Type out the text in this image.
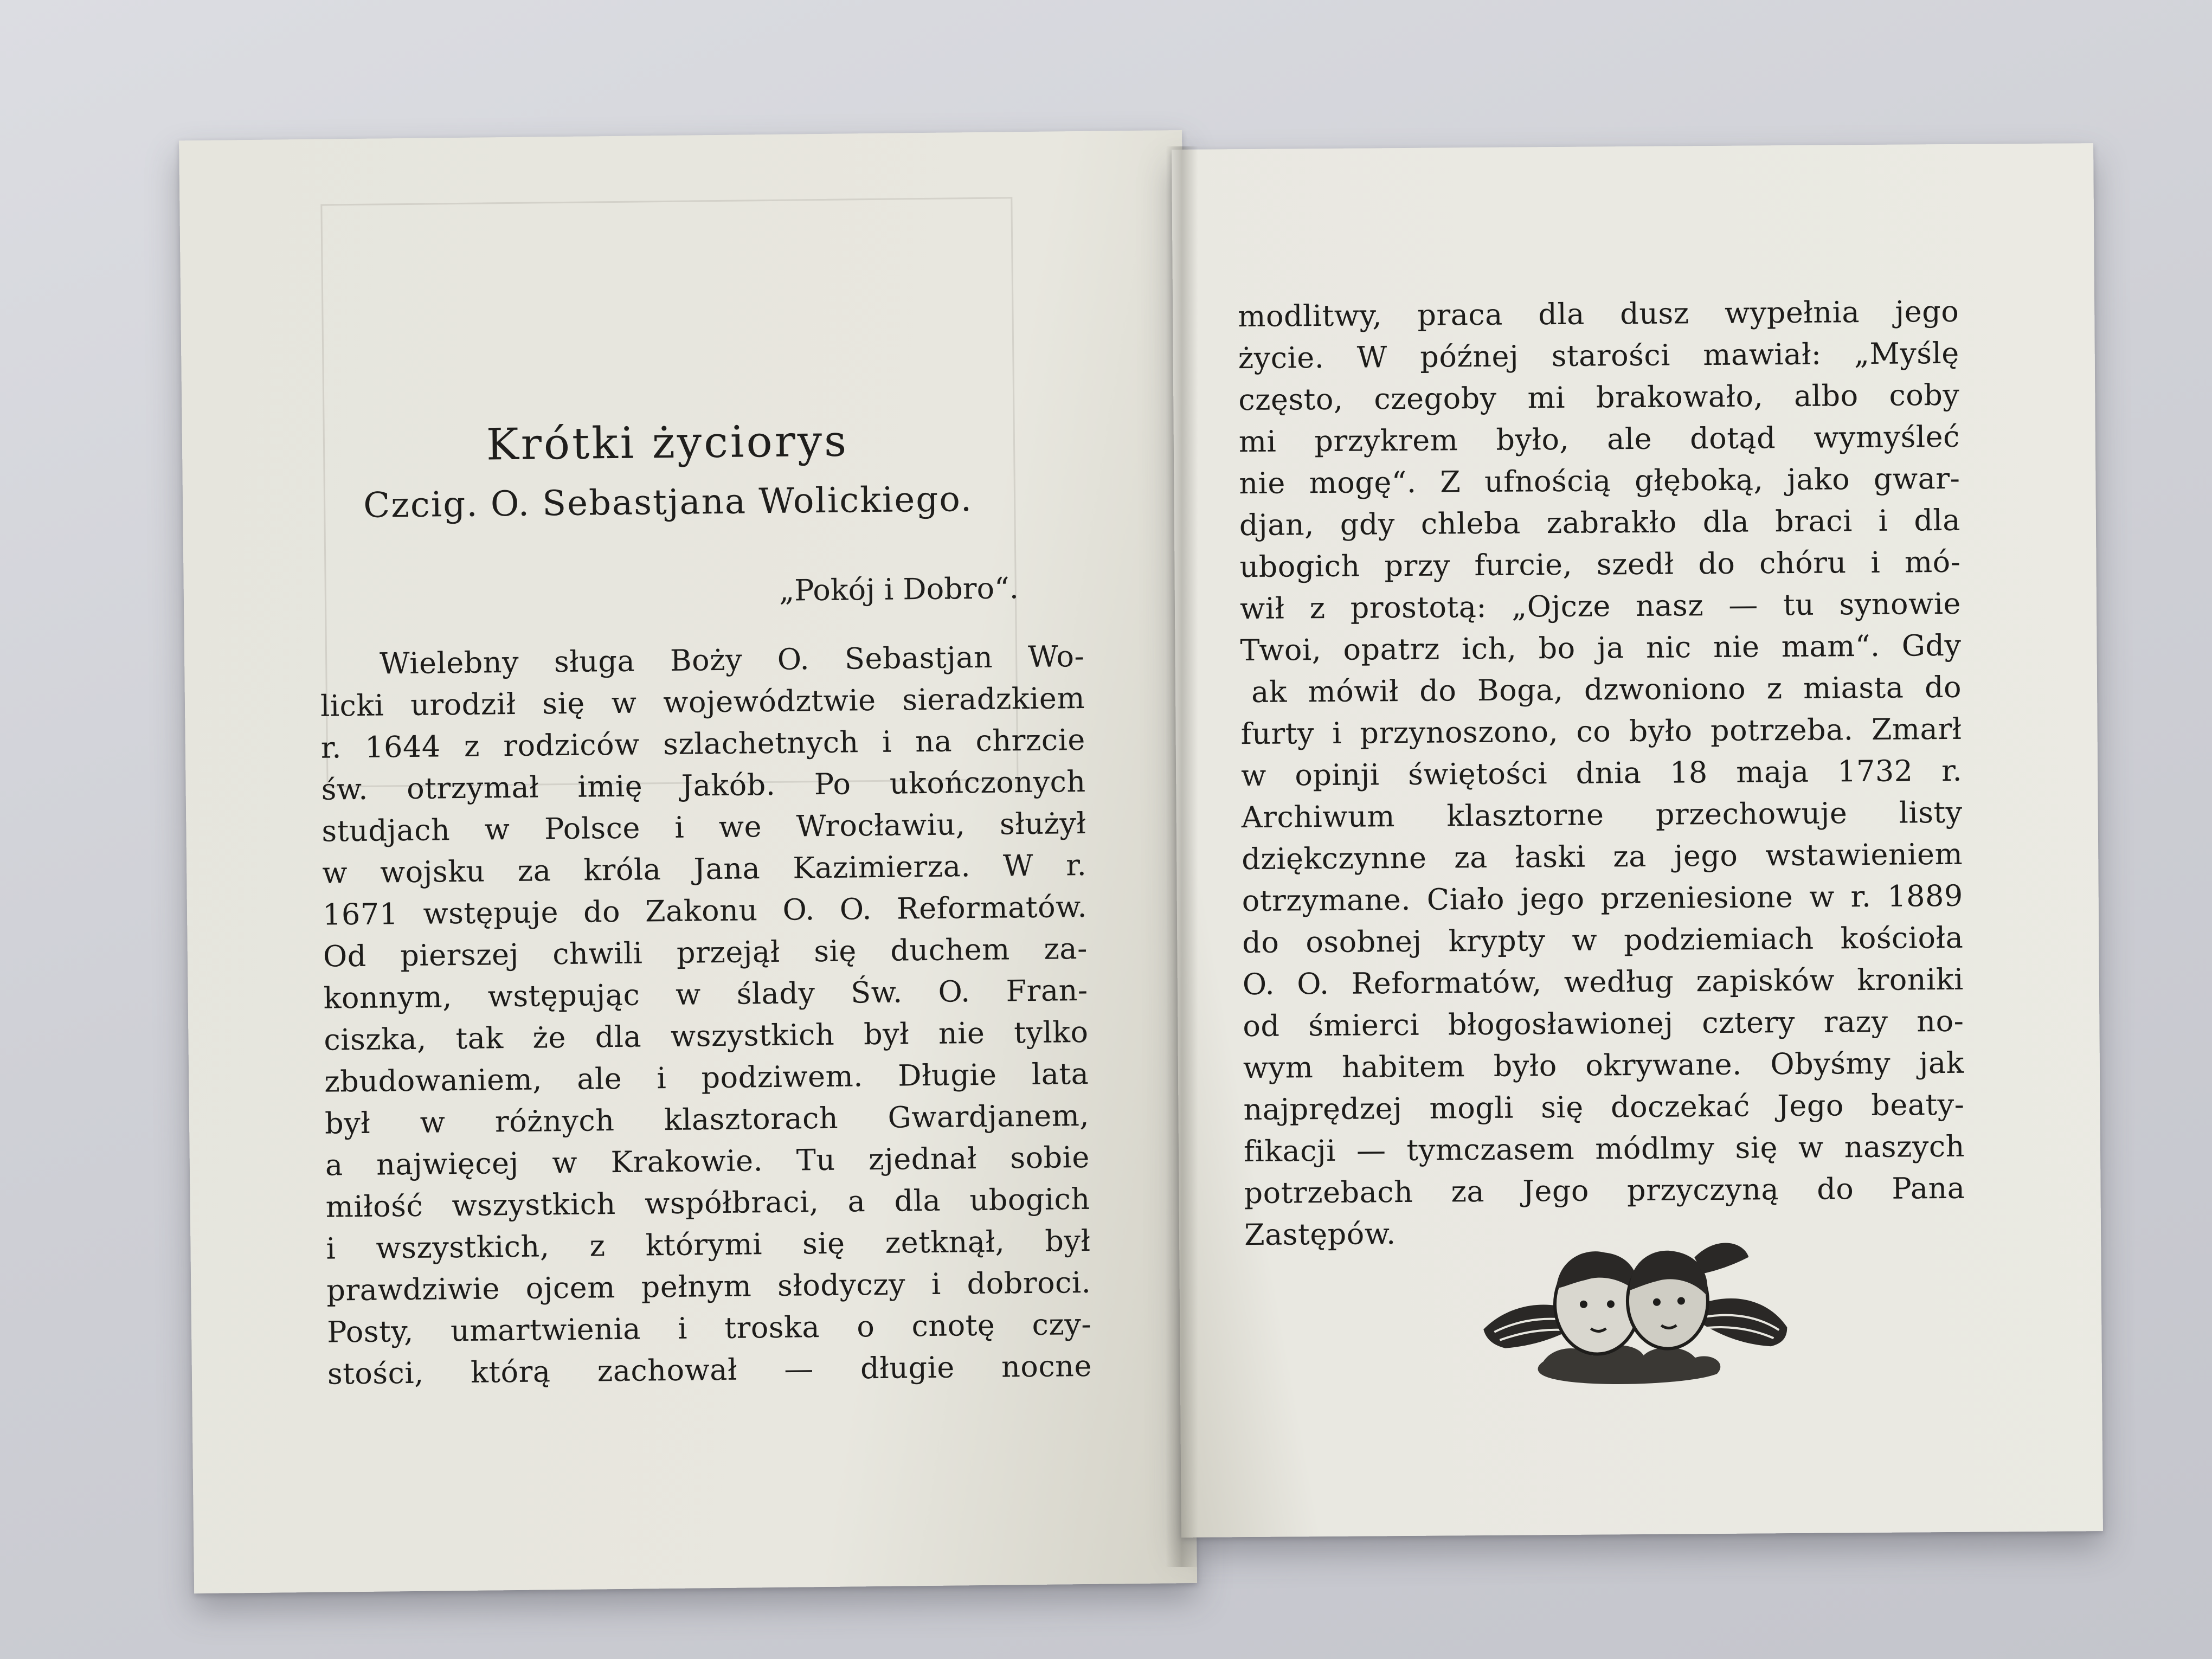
Krótki życiorys
Czcig. O. Sebastjana Wolickiego.
„Pokój i Dobro“.
Wielebny sługa Boży O. Sebastjan Wo-
licki urodził się w województwie sieradzkiem
r. 1644 z rodziców szlachetnych i na chrzcie
św. otrzymał imię Jakób. Po ukończonych
studjach w Polsce i we Wrocławiu, służył
w wojsku za króla Jana Kazimierza. W r.
1671 wstępuje do Zakonu O. O. Reformatów.
Od pierszej chwili przejął się duchem za-
konnym, wstępując w ślady Św. O. Fran-
ciszka, tak że dla wszystkich był nie tylko
zbudowaniem, ale i podziwem. Długie lata
był w różnych klasztorach Gwardjanem,
a najwięcej w Krakowie. Tu zjednał sobie
miłość wszystkich współbraci, a dla ubogich
i wszystkich, z którymi się zetknął, był
prawdziwie ojcem pełnym słodyczy i dobroci.
Posty, umartwienia i troska o cnotę czy-
stości, którą zachował — długie nocne
modlitwy, praca dla dusz wypełnia jego
życie. W późnej starości mawiał: „Myślę
często, czegoby mi brakowało, albo coby
mi przykrem było, ale dotąd wymyśleć
nie mogę“. Z ufnością głęboką, jako gwar-
djan, gdy chleba zabrakło dla braci i dla
ubogich przy furcie, szedł do chóru i mó-
wił z prostotą: „Ojcze nasz — tu synowie
Twoi, opatrz ich, bo ja nic nie mam“. Gdy
ak mówił do Boga, dzwoniono z miasta do
furty i przynoszono, co było potrzeba. Zmarł
w opinji świętości dnia 18 maja 1732 r.
Archiwum klasztorne przechowuje listy
dziękczynne za łaski za jego wstawieniem
otrzymane. Ciało jego przeniesione w r. 1889
do osobnej krypty w podziemiach kościoła
O. O. Reformatów, według zapisków kroniki
od śmierci błogosławionej cztery razy no-
wym habitem było okrywane. Obyśmy jak
najprędzej mogli się doczekać Jego beaty-
fikacji — tymczasem módlmy się w naszych
potrzebach za Jego przyczyną do Pana
Zastępów.
